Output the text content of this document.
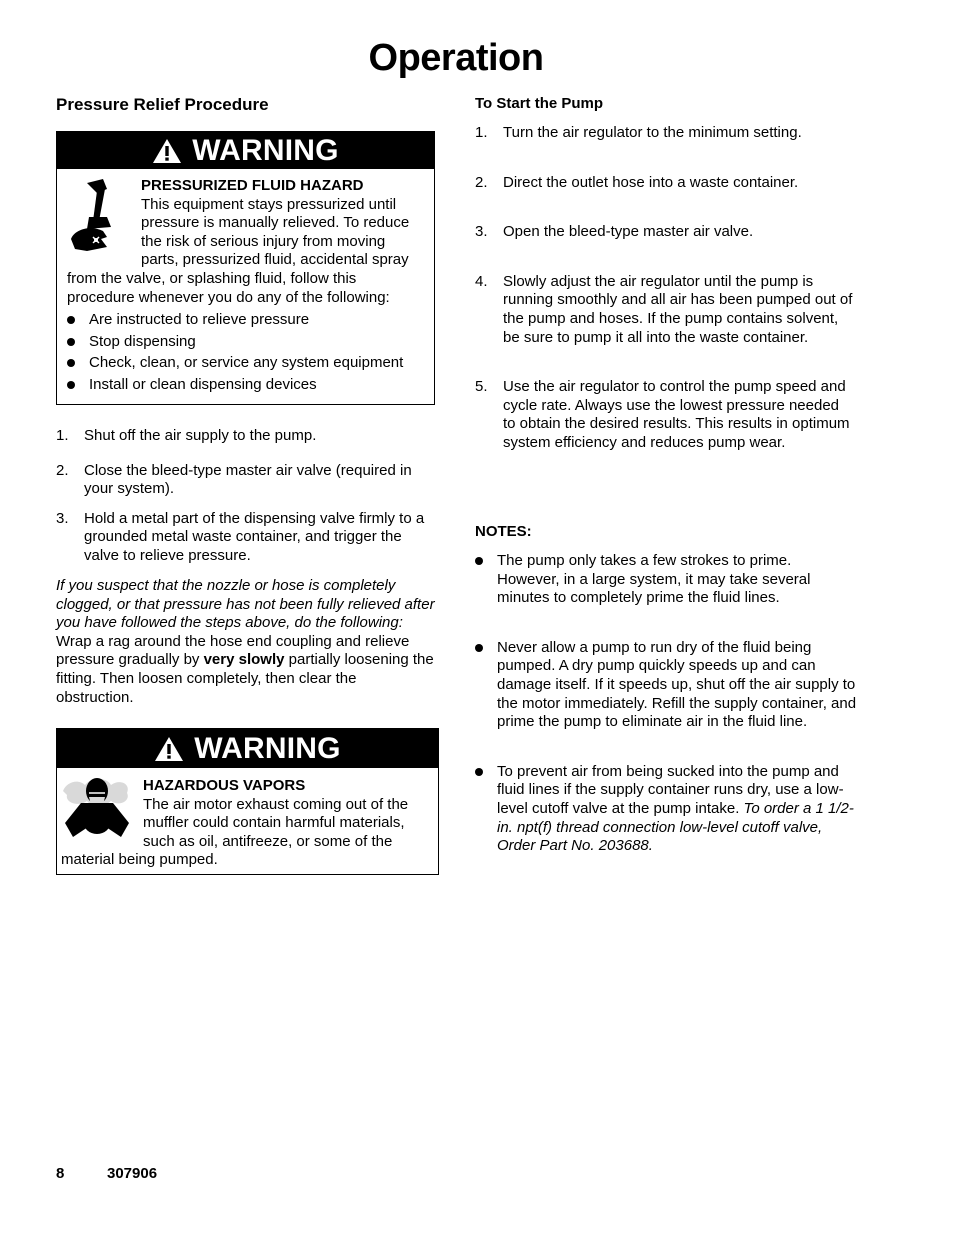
Operation
Pressure Relief Procedure
WARNING
PRESSURIZED FLUID HAZARD
This equipment stays pressurized until pressure is manually relieved. To reduce the risk of serious injury from moving parts, pressurized fluid, accidental spray from the valve, or splashing fluid, follow this procedure whenever you do any of the following:
Are instructed to relieve pressure
Stop dispensing
Check, clean, or service any system equipment
Install or clean dispensing devices
1. Shut off the air supply to the pump.
2. Close the bleed-type master air valve (required in your system).
3. Hold a metal part of the dispensing valve firmly to a grounded metal waste container, and trigger the valve to relieve pressure.

If you suspect that the nozzle or hose is completely clogged, or that pressure has not been fully relieved after you have followed the steps above, do the following: Wrap a rag around the hose end coupling and relieve pressure gradually by very slowly partially loosening the fitting. Then loosen completely, then clear the obstruction.

WARNING
HAZARDOUS VAPORS
The air motor exhaust coming out of the muffler could contain harmful materials, such as oil, antifreeze, or some of the material being pumped.
To Start the Pump
1. Turn the air regulator to the minimum setting.
2. Direct the outlet hose into a waste container.
3. Open the bleed-type master air valve.
4. Slowly adjust the air regulator until the pump is running smoothly and all air has been pumped out of the pump and hoses. If the pump contains solvent, be sure to pump it all into the waste container.
5. Use the air regulator to control the pump speed and cycle rate. Always use the lowest pressure needed to obtain the desired results. This results in optimum system efficiency and reduces pump wear.
NOTES:
The pump only takes a few strokes to prime. However, in a large system, it may take several minutes to completely prime the fluid lines.
Never allow a pump to run dry of the fluid being pumped. A dry pump quickly speeds up and can damage itself. If it speeds up, shut off the air supply to the motor immediately. Refill the supply container, and prime the pump to eliminate air in the fluid line.
To prevent air from being sucked into the pump and fluid lines if the supply container runs dry, use a low-level cutoff valve at the pump intake. To order a 1 1/2-in. npt(f) thread connection low-level cutoff valve, Order Part No. 203688.
8	307906
